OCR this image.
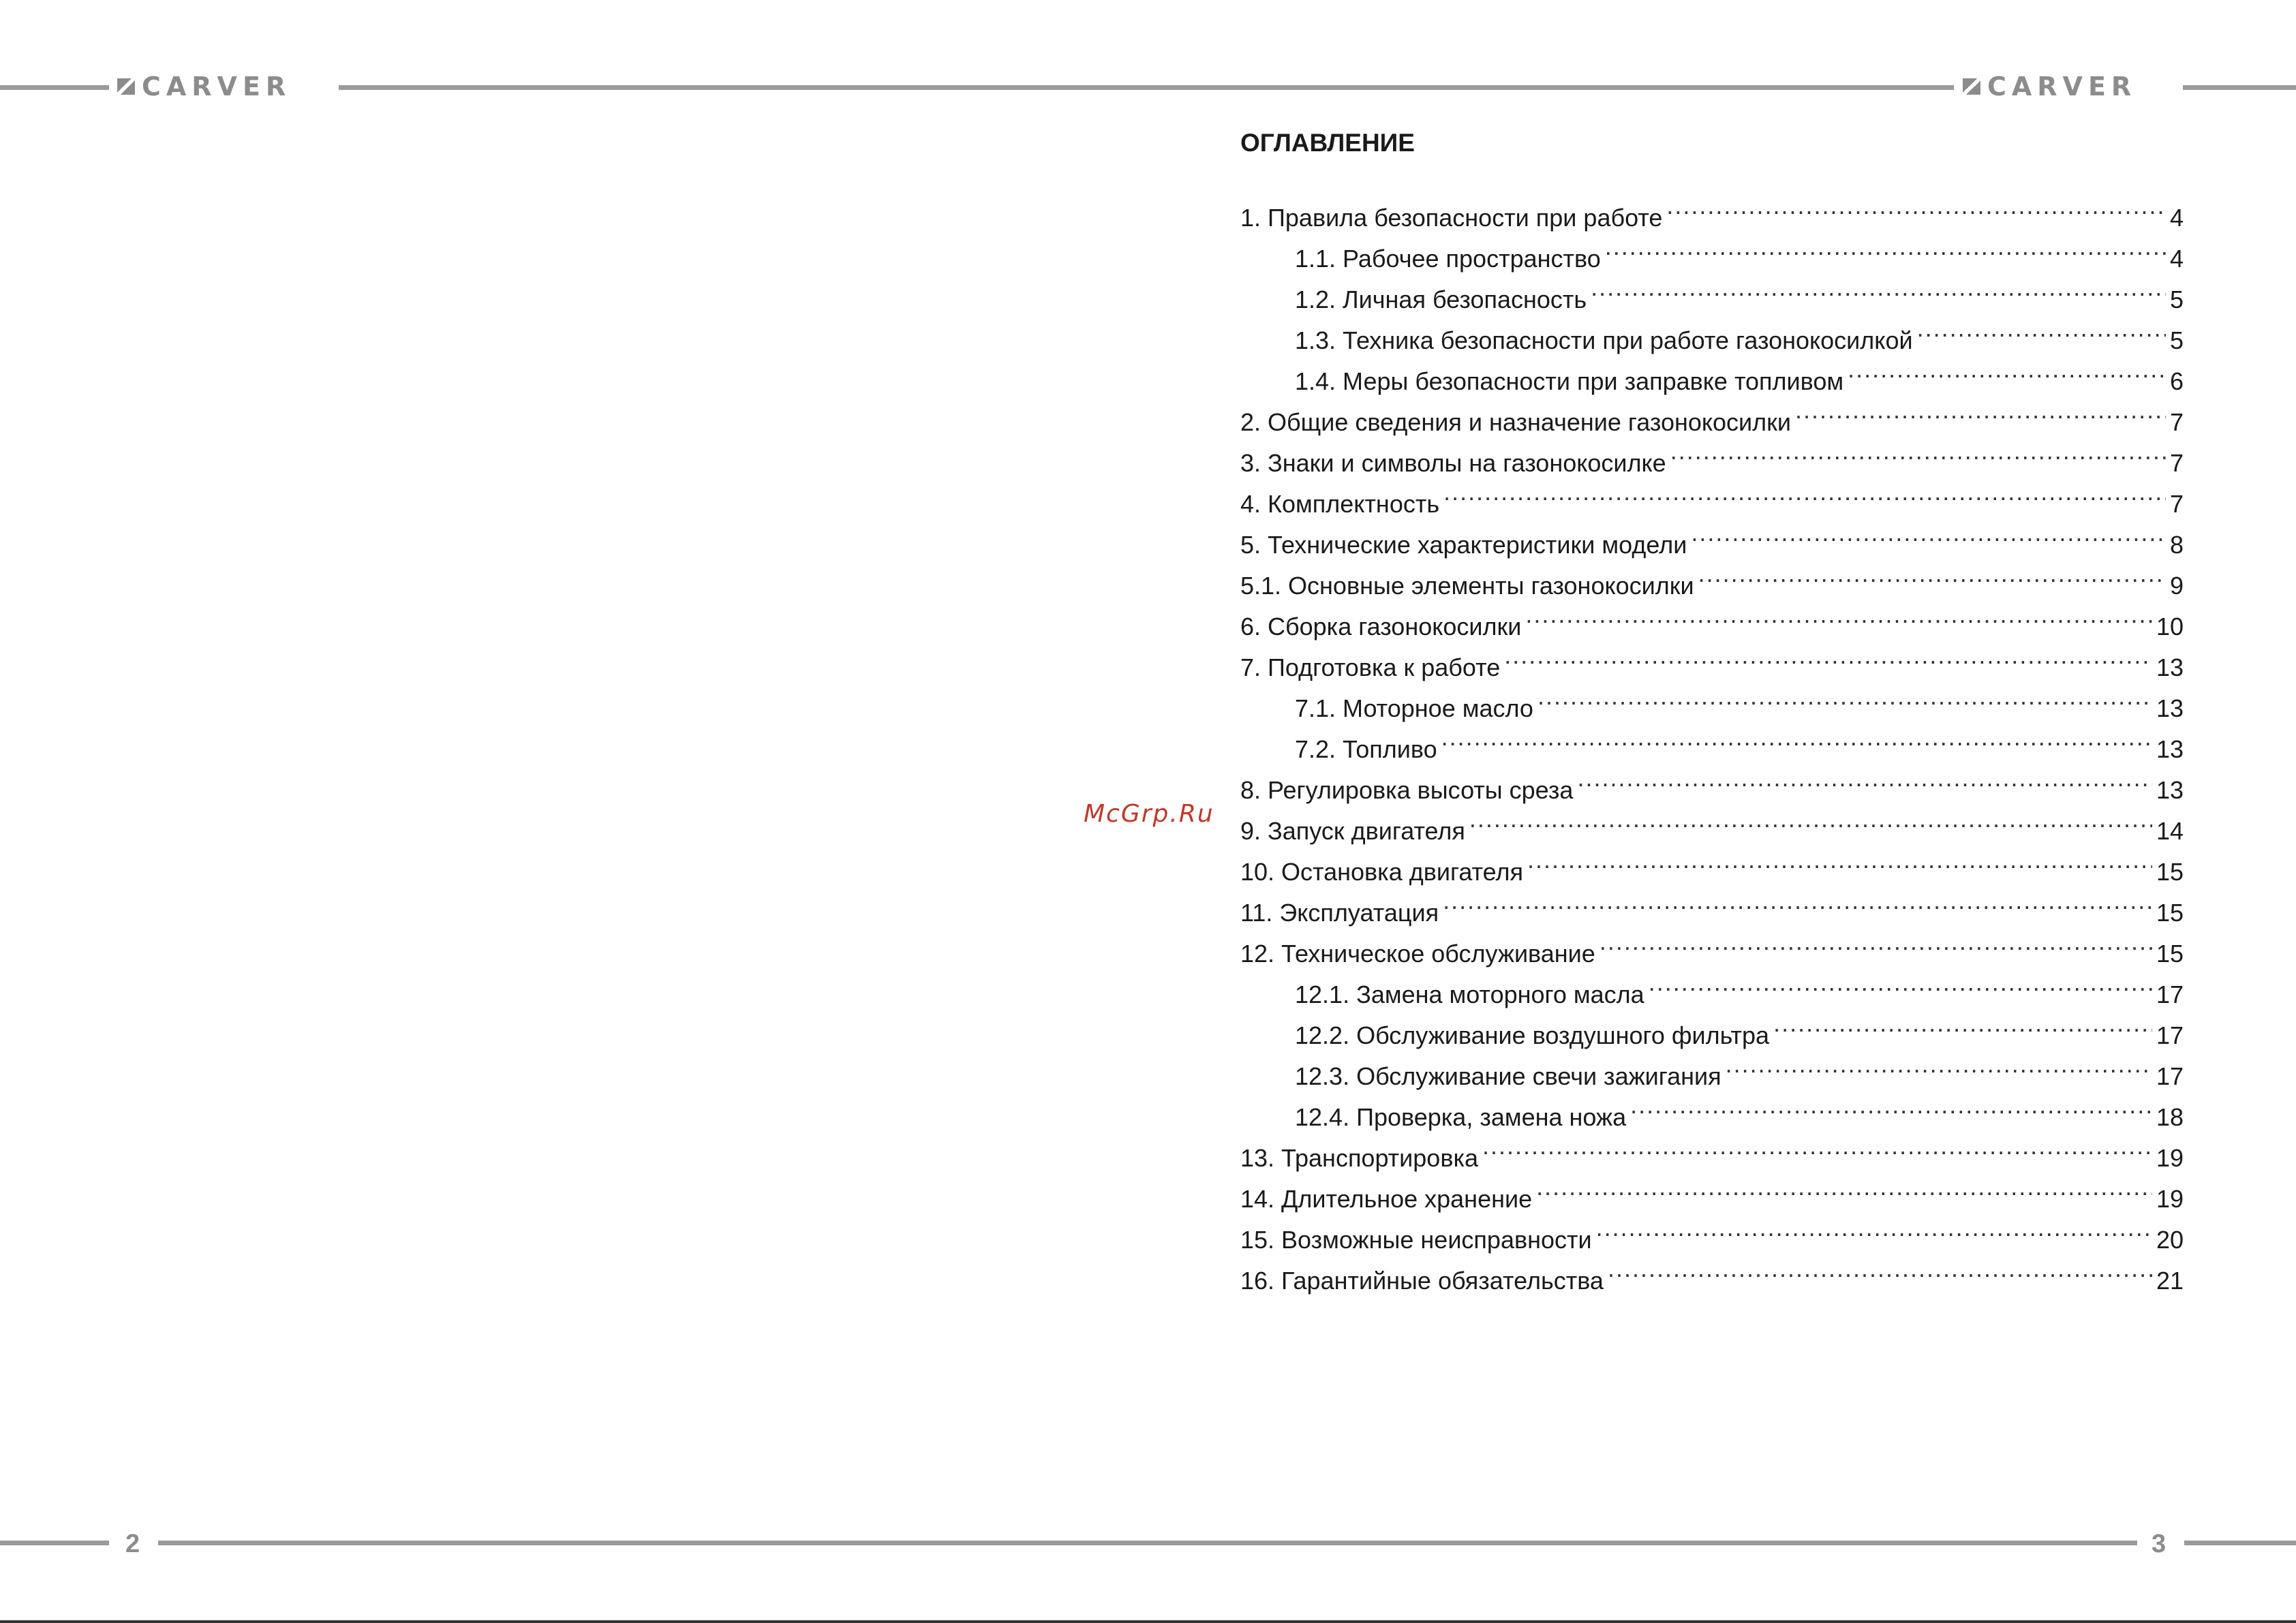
CARVER	CARVER
McGrp.Ru
ОГЛАВЛЕНИЕ
1. Правила безопасности при работе .....	4
1.1. Рабочее пространство .....	4
1.2. Личная безопасность .....	5
1.3. Техника безопасности при работе газонокосилкой .....	5
1.4. Меры безопасности при заправке топливом .....	6
2. Общие сведения и назначение газонокосилки .....	7
3. Знаки и символы на газонокосилке .....	7
4. Комплектность .....	7
5. Технические характеристики модели .....	8
5.1. Основные элементы газонокосилки .....	9
6. Сборка газонокосилки .....	10
7. Подготовка к работе .....	13
7.1. Моторное масло .....	13
7.2. Топливо .....	13
8. Регулировка высоты среза .....	13
9. Запуск двигателя .....	14
10. Остановка двигателя .....	15
11. Эксплуатация .....	15
12. Техническое обслуживание .....	15
12.1. Замена моторного масла .....	17
12.2. Обслуживание воздушного фильтра .....	17
12.3. Обслуживание свечи зажигания .....	17
12.4. Проверка, замена ножа .....	18
13. Транспортировка .....	19
14. Длительное хранение .....	19
15. Возможные неисправности .....	20
16. Гарантийные обязательства .....	21
2	3
